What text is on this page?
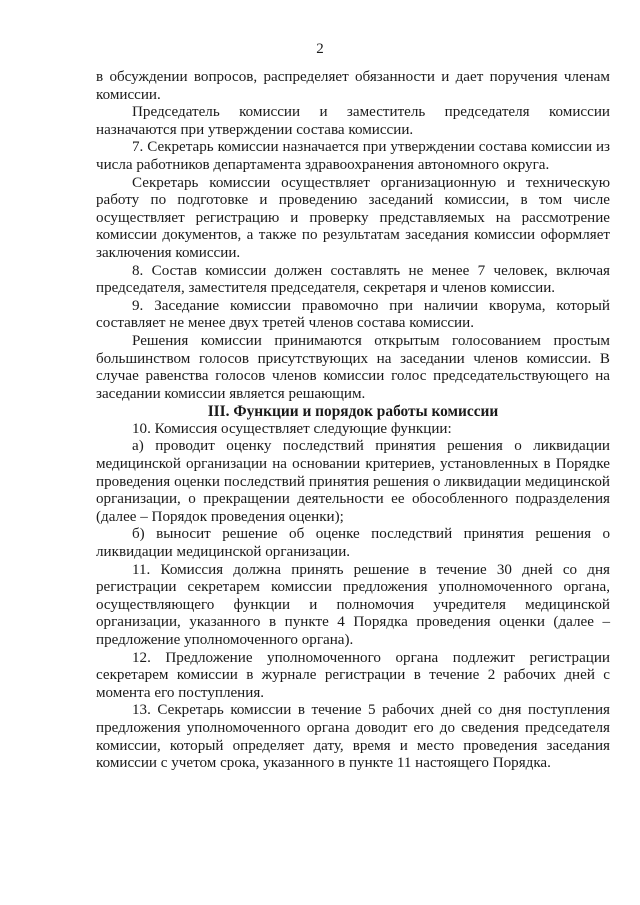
2

в обсуждении вопросов, распределяет обязанности и дает поручения членам комиссии.

Председатель комиссии и заместитель председателя комиссии назначаются при утверждении состава комиссии.

7. Секретарь комиссии назначается при утверждении состава комиссии из числа работников департамента здравоохранения автономного округа.

Секретарь комиссии осуществляет организационную и техническую работу по подготовке и проведению заседаний комиссии, в том числе осуществляет регистрацию и проверку представляемых на рассмотрение комиссии документов, а также по результатам заседания комиссии оформляет заключения комиссии.

8. Состав комиссии должен составлять не менее 7 человек, включая председателя, заместителя председателя, секретаря и членов комиссии.

9. Заседание комиссии правомочно при наличии кворума, который составляет не менее двух третей членов состава комиссии.

Решения комиссии принимаются открытым голосованием простым большинством голосов присутствующих на заседании членов комиссии. В случае равенства голосов членов комиссии голос председательствующего на заседании комиссии является решающим.

III. Функции и порядок работы комиссии

10. Комиссия осуществляет следующие функции:

а) проводит оценку последствий принятия решения о ликвидации медицинской организации на основании критериев, установленных в Порядке проведения оценки последствий принятия решения о ликвидации медицинской организации, о прекращении деятельности ее обособленного подразделения (далее – Порядок проведения оценки);

б) выносит решение об оценке последствий принятия решения о ликвидации медицинской организации.

11. Комиссия должна принять решение в течение 30 дней со дня регистрации секретарем комиссии предложения уполномоченного органа, осуществляющего функции и полномочия учредителя медицинской организации, указанного в пункте 4 Порядка проведения оценки (далее – предложение уполномоченного органа).

12. Предложение уполномоченного органа подлежит регистрации секретарем комиссии в журнале регистрации в течение 2 рабочих дней с момента его поступления.

13. Секретарь комиссии в течение 5 рабочих дней со дня поступления предложения уполномоченного органа доводит его до сведения председателя комиссии, который определяет дату, время и место проведения заседания комиссии с учетом срока, указанного в пункте 11 настоящего Порядка.
